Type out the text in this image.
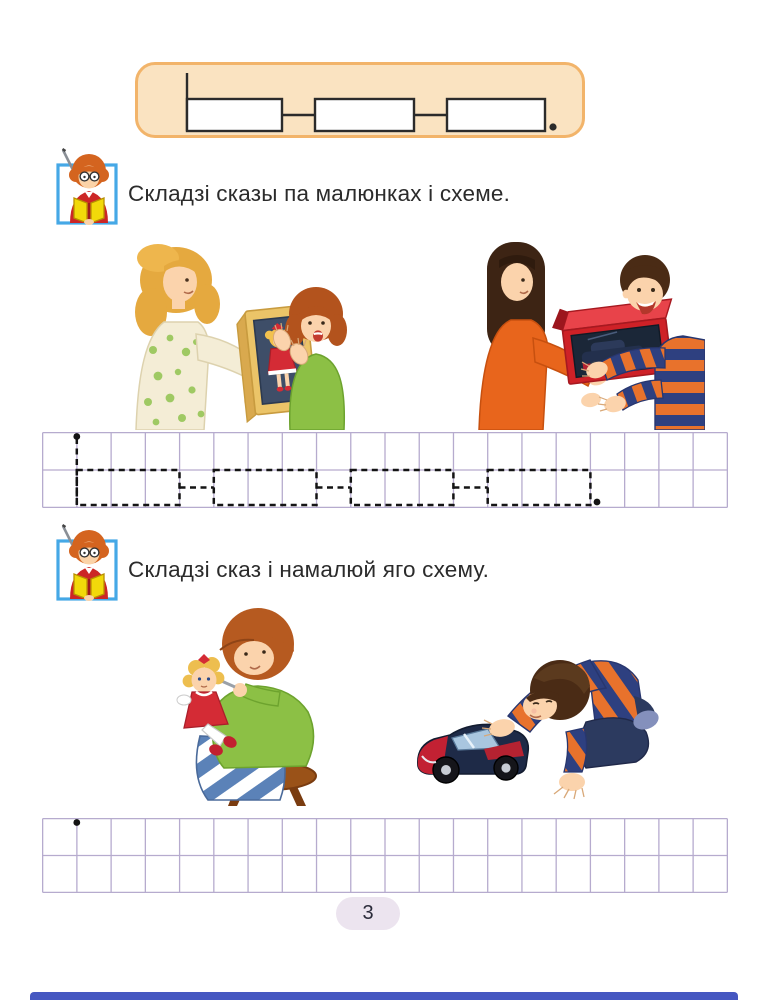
Складзі сказы па малюнках і схеме.
Складзі сказ і намалюй яго схему.
3
